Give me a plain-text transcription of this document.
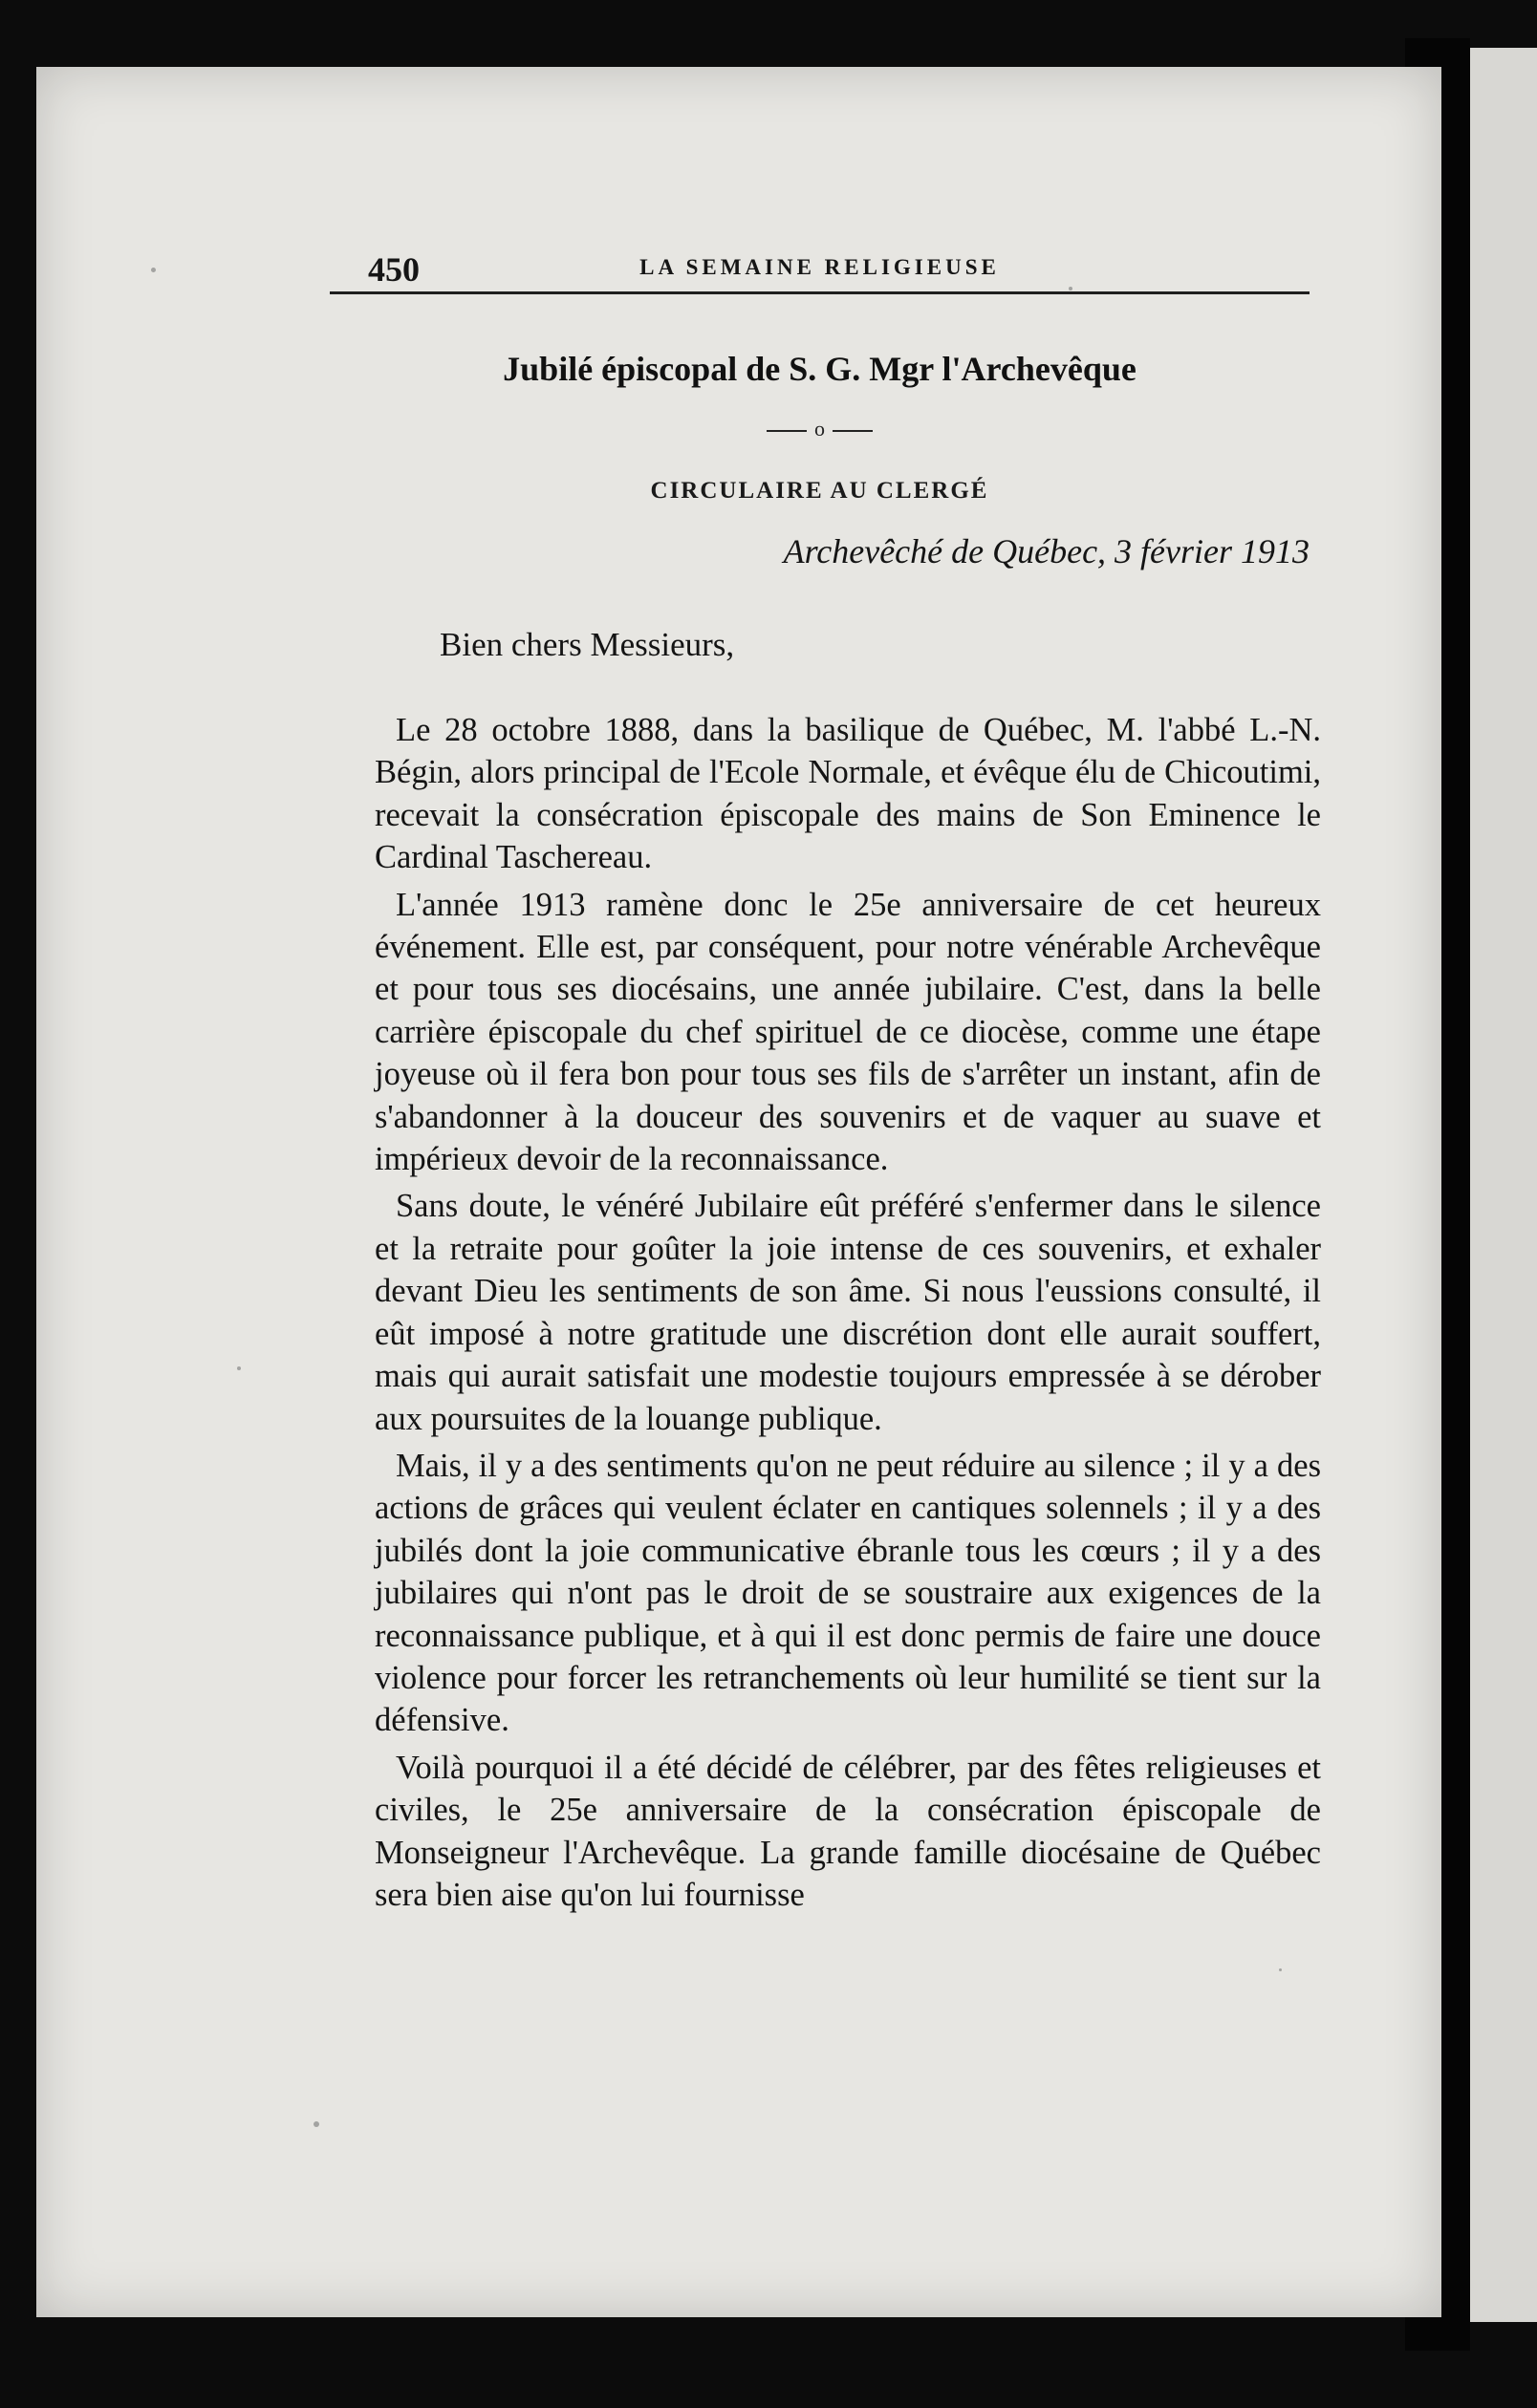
450	LA SEMAINE RELIGIEUSE
Jubilé épiscopal de S. G. Mgr l'Archevêque
o
CIRCULAIRE AU CLERGÉ
Archevêché de Québec, 3 février 1913
Bien chers Messieurs,

Le 28 octobre 1888, dans la basilique de Québec, M. l'abbé L.-N. Bégin, alors principal de l'Ecole Normale, et évêque élu de Chicoutimi, recevait la consécration épiscopale des mains de Son Eminence le Cardinal Taschereau.

L'année 1913 ramène donc le 25e anniversaire de cet heureux événement. Elle est, par conséquent, pour notre vénérable Archevêque et pour tous ses diocésains, une année jubilaire. C'est, dans la belle carrière épiscopale du chef spirituel de ce diocèse, comme une étape joyeuse où il fera bon pour tous ses fils de s'arrêter un instant, afin de s'abandonner à la douceur des souvenirs et de vaquer au suave et impérieux devoir de la reconnaissance.

Sans doute, le vénéré Jubilaire eût préféré s'enfermer dans le silence et la retraite pour goûter la joie intense de ces souvenirs, et exhaler devant Dieu les sentiments de son âme. Si nous l'eussions consulté, il eût imposé à notre gratitude une discrétion dont elle aurait souffert, mais qui aurait satisfait une modestie toujours empressée à se dérober aux poursuites de la louange publique.

Mais, il y a des sentiments qu'on ne peut réduire au silence ; il y a des actions de grâces qui veulent éclater en cantiques solennels ; il y a des jubilés dont la joie communicative ébranle tous les cœurs ; il y a des jubilaires qui n'ont pas le droit de se soustraire aux exigences de la reconnaissance publique, et à qui il est donc permis de faire une douce violence pour forcer les retranchements où leur humilité se tient sur la défensive.

Voilà pourquoi il a été décidé de célébrer, par des fêtes religieuses et civiles, le 25e anniversaire de la consécration épiscopale de Monseigneur l'Archevêque. La grande famille diocésaine de Québec sera bien aise qu'on lui fournisse
